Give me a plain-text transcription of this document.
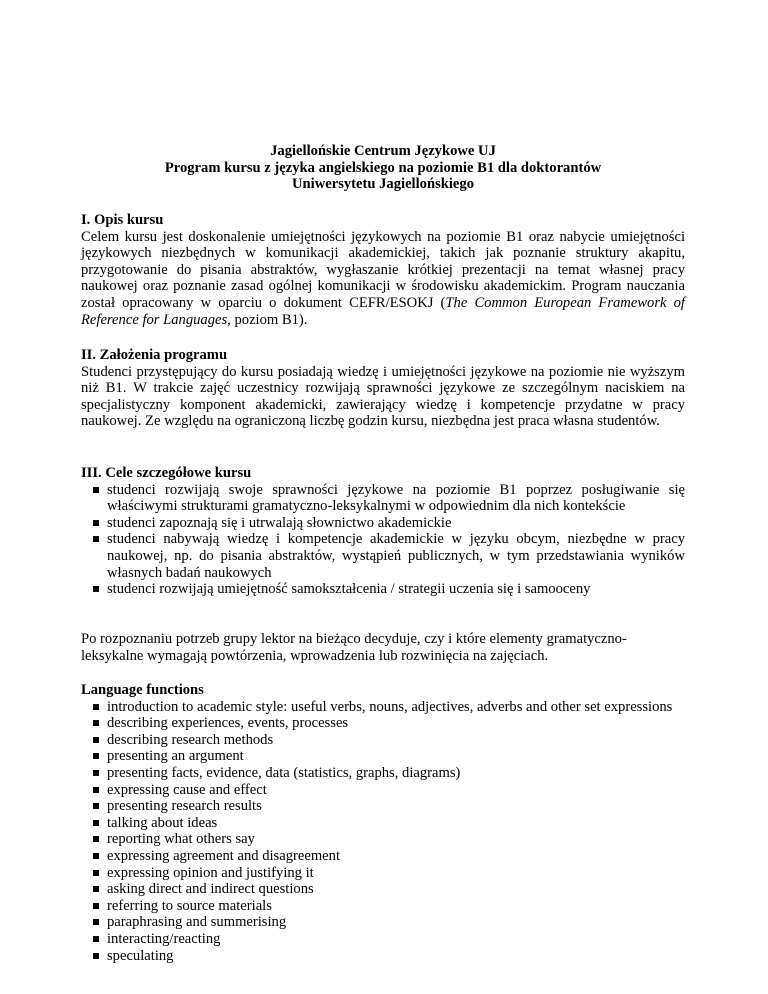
Jagiellońskie Centrum Językowe UJ
Program kursu z języka angielskiego na poziomie B1 dla doktorantów
Uniwersytetu Jagiellońskiego
I. Opis kursu
Celem kursu jest doskonalenie umiejętności językowych na poziomie B1 oraz nabycie umiejętności językowych niezbędnych w komunikacji akademickiej, takich jak poznanie struktury akapitu, przygotowanie do pisania abstraktów, wygłaszanie krótkiej prezentacji na temat własnej pracy naukowej oraz poznanie zasad ogólnej komunikacji w środowisku akademickim. Program nauczania został opracowany w oparciu o dokument CEFR/ESOKJ (The Common European Framework of Reference for Languages, poziom B1).
II. Założenia programu
Studenci przystępujący do kursu posiadają wiedzę i umiejętności językowe na poziomie nie wyższym niż B1. W trakcie zajęć uczestnicy rozwijają sprawności językowe ze szczególnym naciskiem na specjalistyczny komponent akademicki, zawierający wiedzę i kompetencje przydatne w pracy naukowej. Ze względu na ograniczoną liczbę godzin kursu, niezbędna jest praca własna studentów.
III. Cele szczegółowe kursu
studenci rozwijają swoje sprawności językowe na poziomie B1 poprzez posługiwanie się właściwymi strukturami gramatyczno-leksykalnymi w odpowiednim dla nich kontekście
studenci zapoznają się i utrwalają słownictwo akademickie
studenci nabywają wiedzę i kompetencje akademickie w języku obcym, niezbędne w pracy naukowej, np. do pisania abstraktów, wystąpień publicznych, w tym przedstawiania wyników własnych badań naukowych
studenci rozwijają umiejętność samokształcenia / strategii uczenia się i samooceny
Po rozpoznaniu potrzeb grupy lektor na bieżąco decyduje, czy i które elementy gramatyczno-leksykalne wymagają powtórzenia, wprowadzenia lub rozwinięcia na zajęciach.
Language functions
introduction to academic style: useful verbs, nouns, adjectives, adverbs and other set expressions
describing experiences, events, processes
describing research methods
presenting an argument
presenting facts, evidence, data (statistics, graphs, diagrams)
expressing cause and effect
presenting research results
talking about ideas
reporting what others say
expressing agreement and disagreement
expressing opinion and justifying it
asking direct and indirect questions
referring to source materials
paraphrasing and summerising
interacting/reacting
speculating
